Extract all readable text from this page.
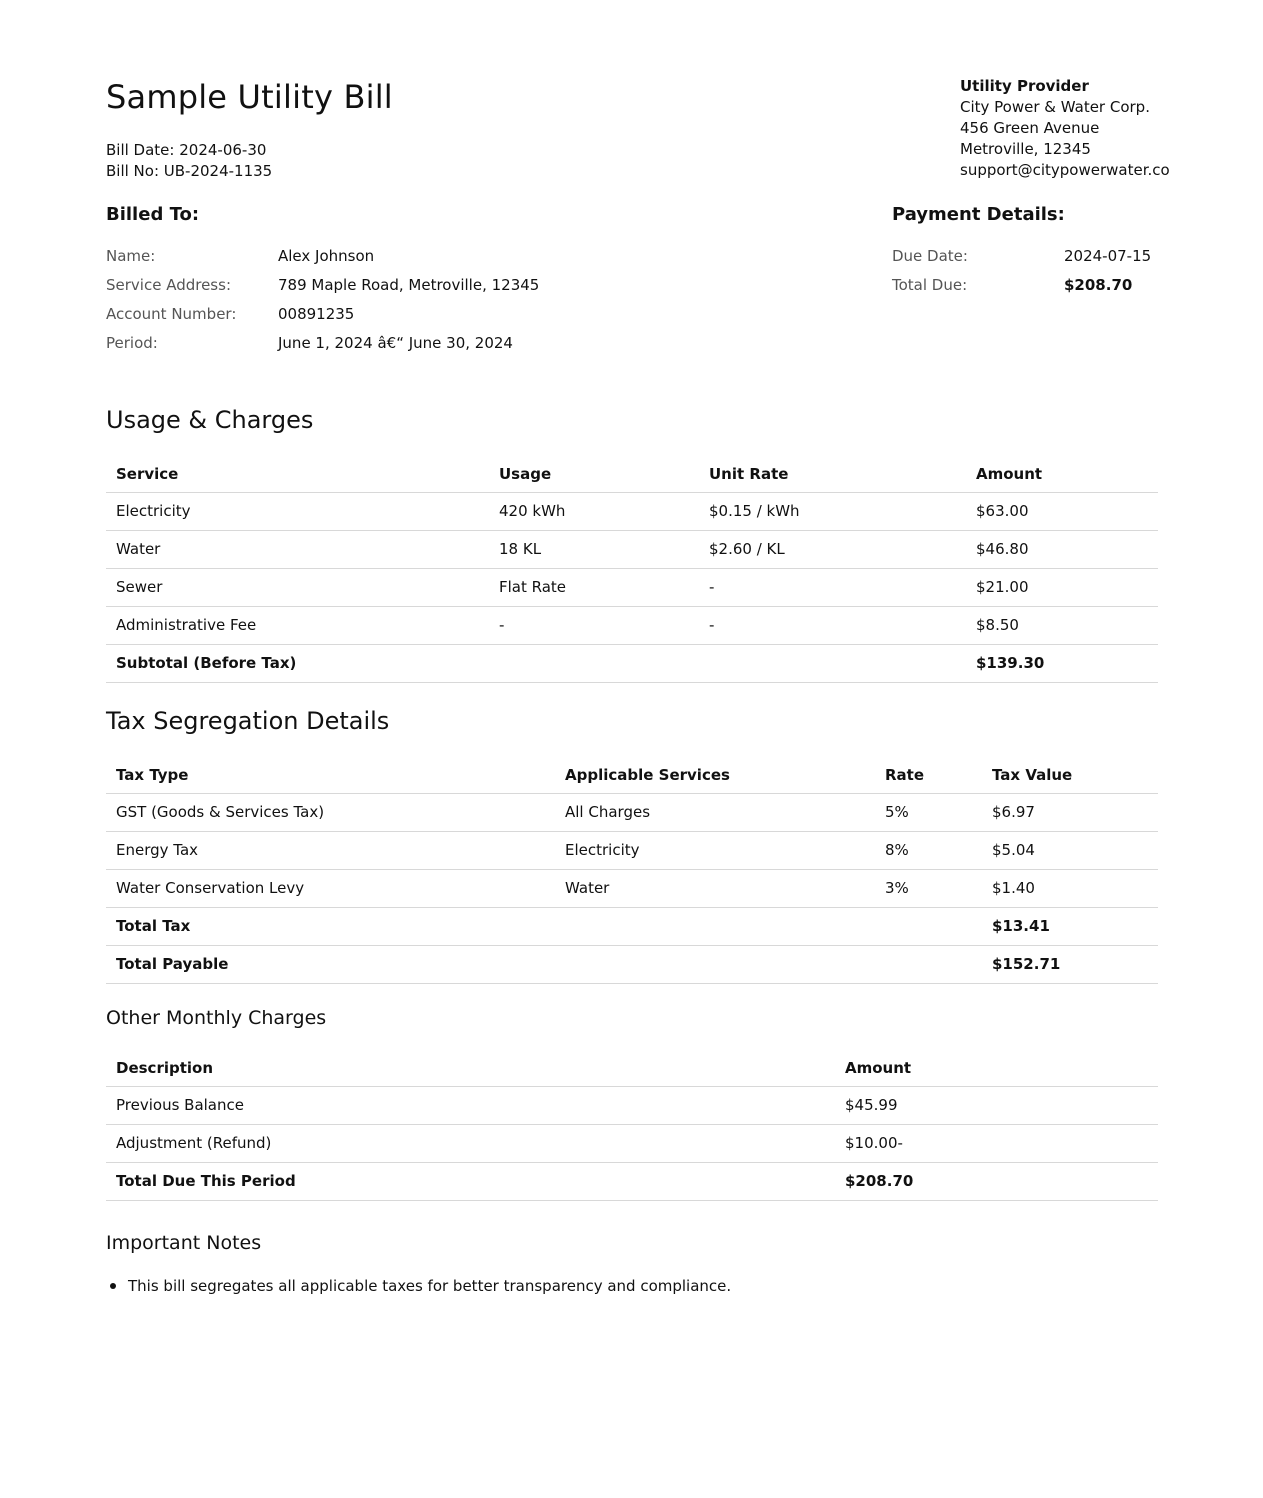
Sample Utility Bill
Bill Date: 2024-06-30
Bill No: UB-2024-1135
Utility Provider
City Power & Water Corp.
456 Green Avenue
Metroville, 12345
support@citypowerwater.co
Billed To:
Name:	Alex Johnson
Service Address:	789 Maple Road, Metroville, 12345
Account Number:	00891235
Period:	June 1, 2024 â€“ June 30, 2024
Payment Details:
Due Date:	2024-07-15
Total Due:	$208.70
Usage & Charges
Service	Usage	Unit Rate	Amount
Electricity	420 kWh	$0.15 / kWh	$63.00
Water	18 KL	$2.60 / KL	$46.80
Sewer	Flat Rate	-	$21.00
Administrative Fee	-	-	$8.50
Subtotal (Before Tax)			$139.30
Tax Segregation Details
Tax Type	Applicable Services	Rate	Tax Value
GST (Goods & Services Tax)	All Charges	5%	$6.97
Energy Tax	Electricity	8%	$5.04
Water Conservation Levy	Water	3%	$1.40
Total Tax			$13.41
Total Payable			$152.71
Other Monthly Charges
Description	Amount
Previous Balance	$45.99
Adjustment (Refund)	$10.00-
Total Due This Period	$208.70
Important Notes
This bill segregates all applicable taxes for better transparency and compliance.
